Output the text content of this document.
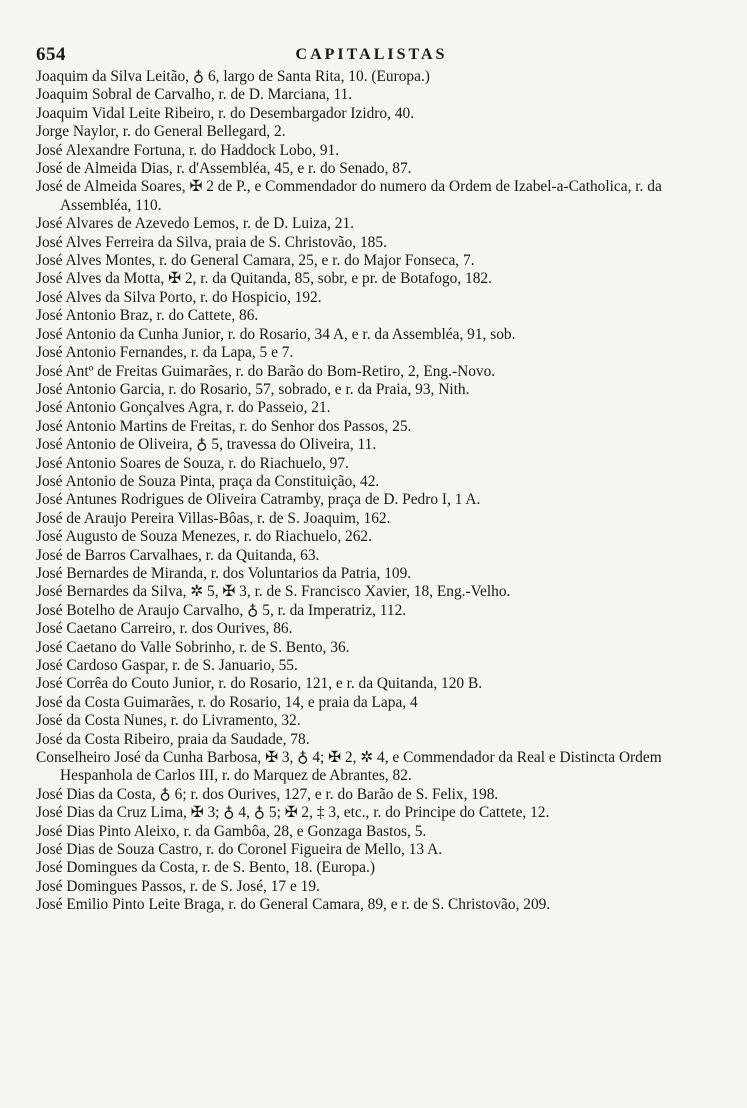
654	CAPITALISTAS
Joaquim da Silva Leitão, ♁ 6, largo de Santa Rita, 10. (Europa.)
Joaquim Sobral de Carvalho, r. de D. Marciana, 11.
Joaquim Vidal Leite Ribeiro, r. do Desembargador Izidro, 40.
Jorge Naylor, r. do General Bellegard, 2.
José Alexandre Fortuna, r. do Haddock Lobo, 91.
José de Almeida Dias, r. d'Assembléa, 45, e r. do Senado, 87.
José de Almeida Soares, ✠ 2 de P., e Commendador do numero da Ordem de Izabel-a-Catholica, r. da Assembléa, 110.
José Alvares de Azevedo Lemos, r. de D. Luiza, 21.
José Alves Ferreira da Silva, praia de S. Christovão, 185.
José Alves Montes, r. do General Camara, 25, e r. do Major Fonseca, 7.
José Alves da Motta, ✠ 2, r. da Quitanda, 85, sobr, e pr. de Botafogo, 182.
José Alves da Silva Porto, r. do Hospicio, 192.
José Antonio Braz, r. do Cattete, 86.
José Antonio da Cunha Junior, r. do Rosario, 34 A, e r. da Assembléa, 91, sob.
José Antonio Fernandes, r. da Lapa, 5 e 7.
José Antº de Freitas Guimarães, r. do Barão do Bom-Retiro, 2, Eng.-Novo.
José Antonio Garcia, r. do Rosario, 57, sobrado, e r. da Praia, 93, Nith.
José Antonio Gonçalves Agra, r. do Passeio, 21.
José Antonio Martins de Freitas, r. do Senhor dos Passos, 25.
José Antonio de Oliveira, ♁ 5, travessa do Oliveira, 11.
José Antonio Soares de Souza, r. do Riachuelo, 97.
José Antonio de Souza Pinta, praça da Constituição, 42.
José Antunes Rodrigues de Oliveira Catramby, praça de D. Pedro I, 1 A.
José de Araujo Pereira Villas-Bôas, r. de S. Joaquim, 162.
José Augusto de Souza Menezes, r. do Riachuelo, 262.
José de Barros Carvalhaes, r. da Quitanda, 63.
José Bernardes de Miranda, r. dos Voluntarios da Patria, 109.
José Bernardes da Silva, ✲ 5, ✠ 3, r. de S. Francisco Xavier, 18, Eng.-Velho.
José Botelho de Araujo Carvalho, ♁ 5, r. da Imperatriz, 112.
José Caetano Carreiro, r. dos Ourives, 86.
José Caetano do Valle Sobrinho, r. de S. Bento, 36.
José Cardoso Gaspar, r. de S. Januario, 55.
José Corrêa do Couto Junior, r. do Rosario, 121, e r. da Quitanda, 120 B.
José da Costa Guimarães, r. do Rosario, 14, e praia da Lapa, 4
José da Costa Nunes, r. do Livramento, 32.
José da Costa Ribeiro, praia da Saudade, 78.
Conselheiro José da Cunha Barbosa, ✠ 3, ♁ 4; ✠ 2, ✲ 4, e Commendador da Real e Distincta Ordem Hespanhola de Carlos III, r. do Marquez de Abrantes, 82.
José Dias da Costa, ♁ 6; r. dos Ourives, 127, e r. do Barão de S. Felix, 198.
José Dias da Cruz Lima, ✠ 3; ♁ 4, ♁ 5; ✠ 2, ‡ 3, etc., r. do Principe do Cattete, 12.
José Dias Pinto Aleixo, r. da Gambôa, 28, e Gonzaga Bastos, 5.
José Dias de Souza Castro, r. do Coronel Figueira de Mello, 13 A.
José Domingues da Costa, r. de S. Bento, 18. (Europa.)
José Domingues Passos, r. de S. José, 17 e 19.
José Emilio Pinto Leite Braga, r. do General Camara, 89, e r. de S. Christovão, 209.
